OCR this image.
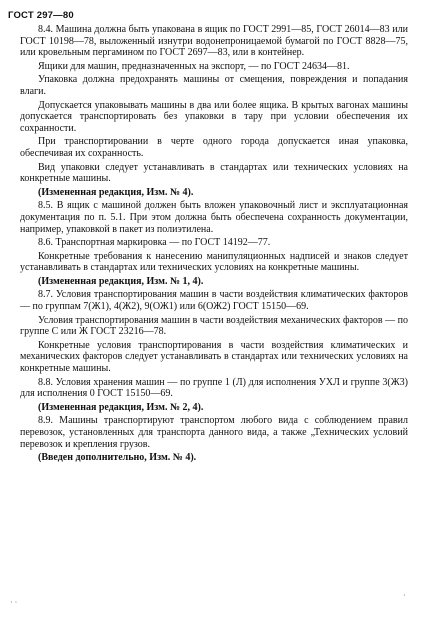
ГОСТ 297—80

8.4. Машина должна быть упакована в ящик по ГОСТ 2991—85, ГОСТ 26014—83 или ГОСТ 10198—78, выложенный изнутри водонепроницаемой бумагой по ГОСТ 8828—75, или кровельным пергамином по ГОСТ 2697—83, или в контейнер.

Ящики для машин, предназначенных на экспорт, — по ГОСТ 24634—81.

Упаковка должна предохранять машины от смещения, повреждения и попадания влаги.

Допускается упаковывать машины в два или более ящика. В крытых вагонах машины допускается транспортировать без упаковки в тару при условии обеспечения их сохранности.

При транспортировании в черте одного города допускается иная упаковка, обеспечивая их сохранность.

Вид упаковки следует устанавливать в стандартах или технических условиях на конкретные машины.

(Измененная редакция, Изм. № 4).

8.5. В ящик с машиной должен быть вложен упаковочный лист и эксплуатационная документация по п. 5.1. При этом должна быть обеспечена сохранность документации, например, упаковкой в пакет из полиэтилена.

8.6. Транспортная маркировка — по ГОСТ 14192—77.

Конкретные требования к нанесению манипуляционных надписей и знаков следует устанавливать в стандартах или технических условиях на конкретные машины.

(Измененная редакция, Изм. № 1, 4).

8.7. Условия транспортирования машин в части воздействия климатических факторов — по группам 7(Ж1), 4(Ж2), 9(ОЖ1) или 6(ОЖ2) ГОСТ 15150—69.

Условия транспортирования машин в части воздействия механических факторов — по группе С или Ж ГОСТ 23216—78.

Конкретные условия транспортирования в части воздействия климатических и механических факторов следует устанавливать в стандартах или технических условиях на конкретные машины.

8.8. Условия хранения машин — по группе 1 (Л) для исполнения УХЛ и группе 3(Ж3) для исполнения 0 ГОСТ 15150—69.

(Измененная редакция, Изм. № 2, 4).

8.9. Машины транспортируют транспортом любого вида с соблюдением правил перевозок, установленных для транспорта данного вида, а также „Технических условий перевозок и крепления грузов.

(Введен дополнительно, Изм. № 4).

· ·
·
